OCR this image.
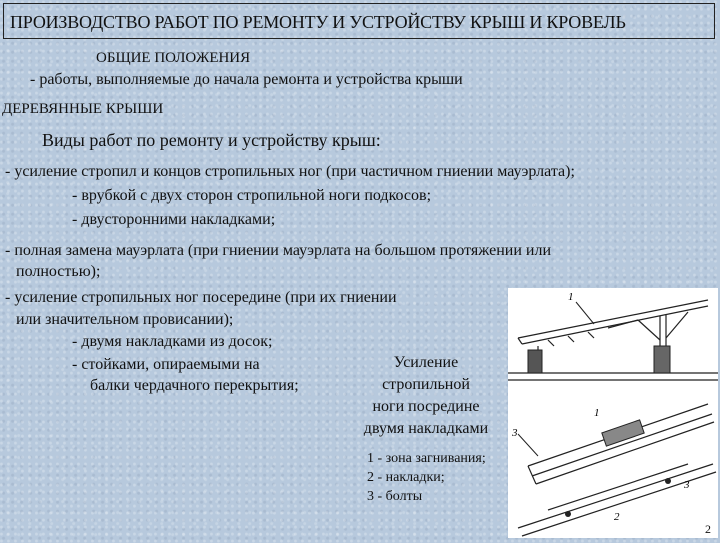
ПРОИЗВОДСТВО РАБОТ ПО РЕМОНТУ И УСТРОЙСТВУ КРЫШ И КРОВЕЛЬ
ОБЩИЕ ПОЛОЖЕНИЯ
- работы, выполняемые до начала ремонта и устройства крыши
ДЕРЕВЯННЫЕ КРЫШИ
Виды работ по ремонту и устройству крыш:
- усиление стропил и концов стропильных ног (при частичном гниении мауэрлата);
- врубкой с двух сторон стропильной ноги подкосов;
- двусторонними накладками;
- полная замена мауэрлата (при гниении мауэрлата на большом протяжении или
полностью);
- усиление стропильных ног посередине (при их гниении
или значительном провисании);
- двумя накладками из досок;
- стойками, опираемыми на
балки чердачного перекрытия;
Усиление
стропильной
ноги посредине
двумя накладками
1 - зона загнивания;
2 - накладки;
3 - болты
1
1
3
3
2
2
